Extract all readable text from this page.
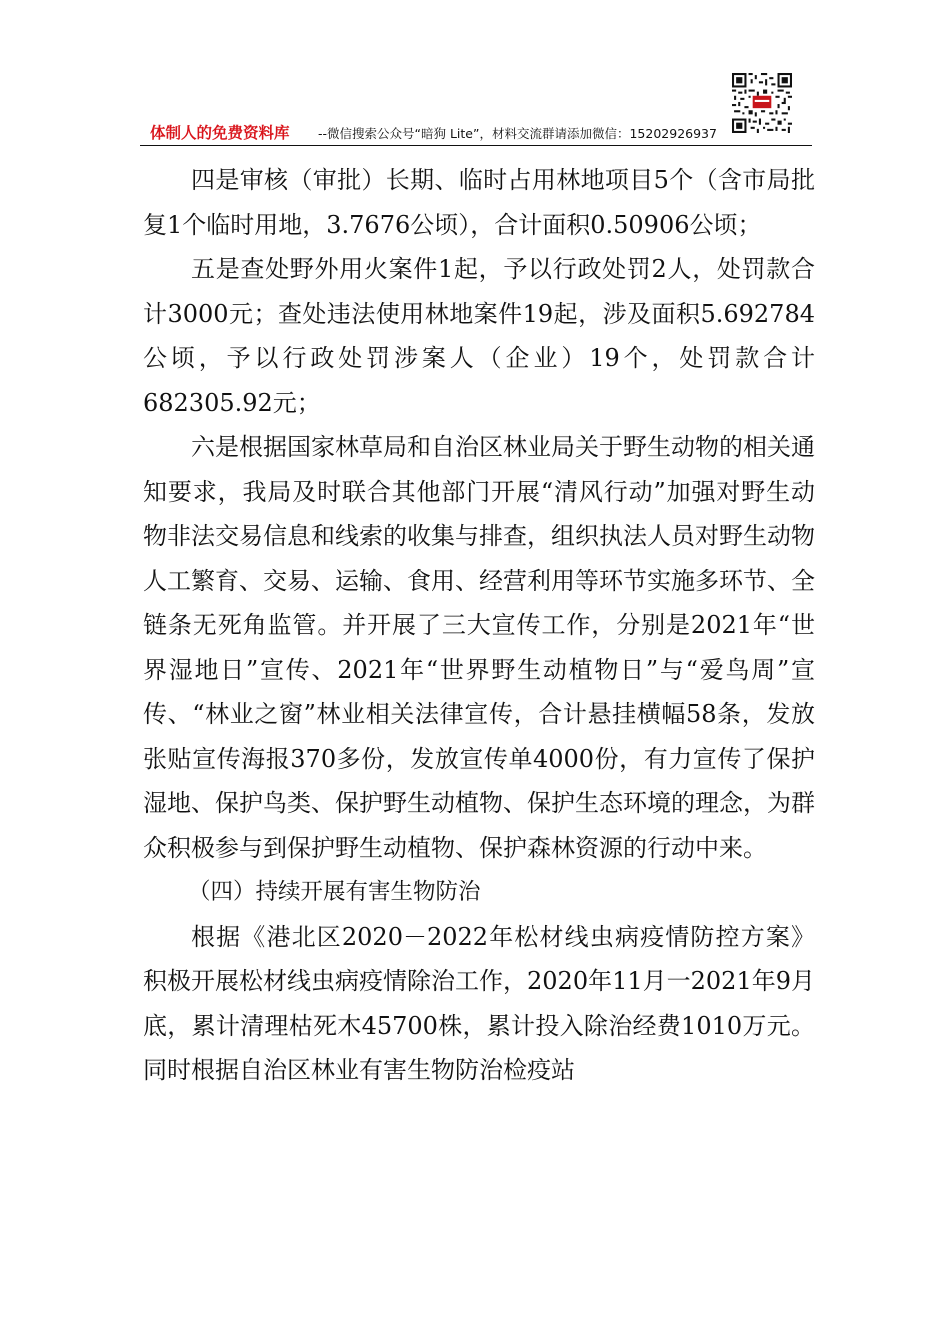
体制人的免费资料库 --微信搜索公众号“暗狗 Lite”，材料交流群请添加微信：15202926937

四是审核（审批）长期、临时占用林地项目5个（含市局批复1个临时用地，3.7676公顷），合计面积0.50906公顷；

五是查处野外用火案件1起，予以行政处罚2人，处罚款合计3000元；查处违法使用林地案件19起，涉及面积5.692784公顷，予以行政处罚涉案人（企业）19个，处罚款合计682305.92元；

六是根据国家林草局和自治区林业局关于野生动物的相关通知要求，我局及时联合其他部门开展“清风行动”加强对野生动物非法交易信息和线索的收集与排查，组织执法人员对野生动物人工繁育、交易、运输、食用、经营利用等环节实施多环节、全链条无死角监管。并开展了三大宣传工作，分别是2021年“世界湿地日”宣传、2021年“世界野生动植物日”与“爱鸟周”宣传、“林业之窗”林业相关法律宣传，合计悬挂横幅58条，发放张贴宣传海报370多份，发放宣传单4000份，有力宣传了保护湿地、保护鸟类、保护野生动植物、保护生态环境的理念，为群众积极参与到保护野生动植物、保护森林资源的行动中来。

（四）持续开展有害生物防治

根据《港北区2020－2022年松材线虫病疫情防控方案》积极开展松材线虫病疫情除治工作，2020年11月一2021年9月底，累计清理枯死木45700株，累计投入除治经费1010万元。同时根据自治区林业有害生物防治检疫站
